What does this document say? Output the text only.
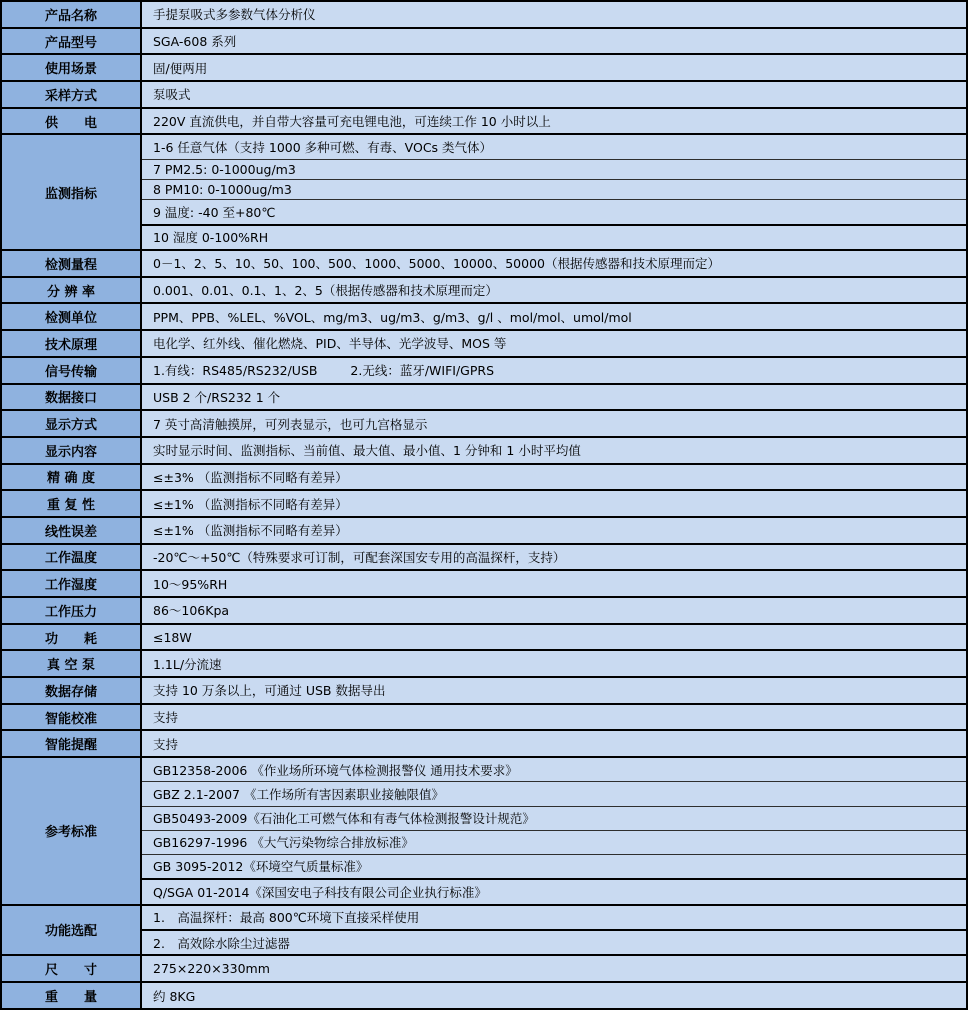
产品名称	手提泵吸式多参数气体分析仪
产品型号	SGA-608 系列
使用场景	固/便两用
采样方式	泵吸式
供　　电	220V 直流供电，并自带大容量可充电锂电池，可连续工作 10 小时以上
监测指标	1-6 任意气体（支持 1000 多种可燃、有毒、VOCs 类气体）
	7 PM2.5: 0-1000ug/m3
	8 PM10: 0-1000ug/m3
	9 温度: -40 至+80℃
	10 湿度 0-100%RH
检测量程	0－1、2、5、10、50、100、500、1000、5000、10000、50000（根据传感器和技术原理而定）
分 辨 率	0.001、0.01、0.1、1、2、5（根据传感器和技术原理而定）
检测单位	PPM、PPB、%LEL、%VOL、mg/m3、ug/m3、g/m3、g/l 、mol/mol、umol/mol
技术原理	电化学、红外线、催化燃烧、PID、半导体、光学波导、MOS 等
信号传输	1.有线：RS485/RS232/USB　　  2.无线：蓝牙/WIFI/GPRS
数据接口	USB 2 个/RS232 1 个
显示方式	7 英寸高清触摸屏，可列表显示，也可九宫格显示
显示内容	实时显示时间、监测指标、当前值、最大值、最小值、1 分钟和 1 小时平均值
精 确 度	≤±3% （监测指标不同略有差异）
重 复 性	≤±1% （监测指标不同略有差异）
线性误差	≤±1% （监测指标不同略有差异）
工作温度	-20℃～+50℃（特殊要求可订制，可配套深国安专用的高温探杆，支持）
工作湿度	10～95%RH
工作压力	86～106Kpa
功　　耗	≤18W
真 空 泵	1.1L/分流速
数据存储	支持 10 万条以上，可通过 USB 数据导出
智能校准	支持
智能提醒	支持
参考标准	GB12358-2006 《作业场所环境气体检测报警仪 通用技术要求》
	GBZ 2.1-2007 《工作场所有害因素职业接触限值》
	GB50493-2009《石油化工可燃气体和有毒气体检测报警设计规范》
	GB16297-1996 《大气污染物综合排放标准》
	GB 3095-2012《环境空气质量标准》
	Q/SGA 01-2014《深国安电子科技有限公司企业执行标准》
功能选配	1.　高温探杆：最高 800℃环境下直接采样使用
	2.　高效除水除尘过滤器
尺　　寸	275×220×330mm
重　　量	约 8KG
